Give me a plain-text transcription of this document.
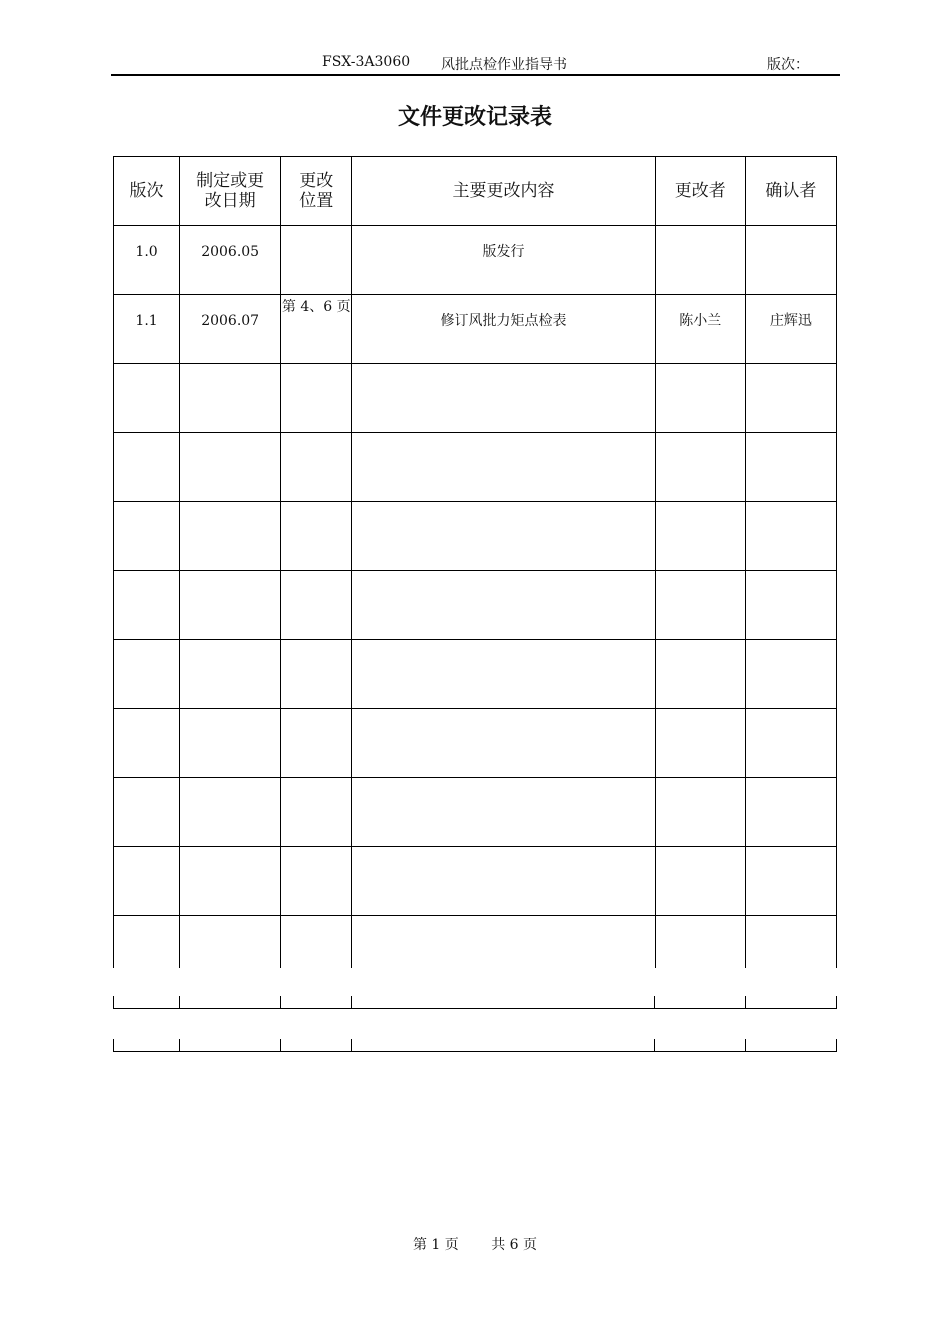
FSX-3A3060 风批点检作业指导书	版次：
文件更改记录表
版次	制定或更改日期	更改位置	主要更改内容	更改者	确认者

1.0	2006.05		版发行		

1.1	2006.07	第 4、6 页	修订风批力矩点检表	陈小兰	庄辉迅

第 1 页 共 6 页
